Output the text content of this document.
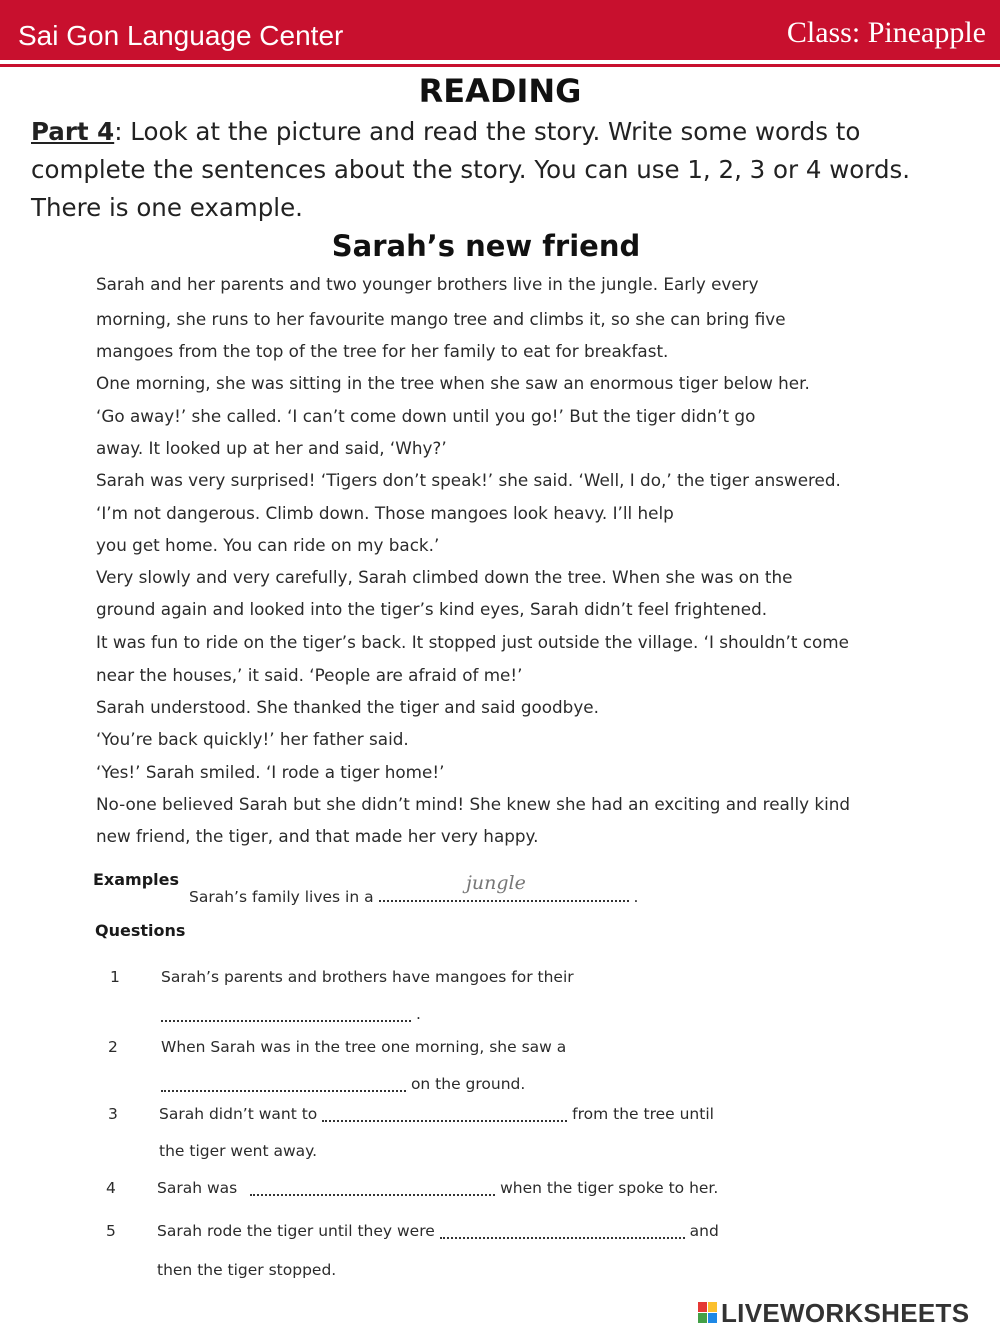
Sai Gon Language Center	Class: Pineapple
READING
Part 4: Look at the picture and read the story. Write some words to complete the sentences about the story. You can use 1, 2, 3 or 4 words. There is one example.
Sarah’s new friend
Sarah and her parents and two younger brothers live in the jungle. Early every
morning, she runs to her favourite mango tree and climbs it, so she can bring five
mangoes from the top of the tree for her family to eat for breakfast.
One morning, she was sitting in the tree when she saw an enormous tiger below her.
‘Go away!’ she called. ‘I can’t come down until you go!’ But the tiger didn’t go
away. It looked up at her and said, ‘Why?’
Sarah was very surprised! ‘Tigers don’t speak!’ she said. ‘Well, I do,’ the tiger answered.
‘I’m not dangerous. Climb down. Those mangoes look heavy. I’ll help
you get home. You can ride on my back.’
Very slowly and very carefully, Sarah climbed down the tree. When she was on the
ground again and looked into the tiger’s kind eyes, Sarah didn’t feel frightened.
It was fun to ride on the tiger’s back. It stopped just outside the village. ‘I shouldn’t come
near the houses,’ it said. ‘People are afraid of me!’
Sarah understood. She thanked the tiger and said goodbye.
‘You’re back quickly!’ her father said.
‘Yes!’ Sarah smiled. ‘I rode a tiger home!’
No-one believed Sarah but she didn’t mind! She knew she had an exciting and really kind
new friend, the tiger, and that made her very happy.
Examples
Sarah’s family lives in a	.
jungle
Questions
1	Sarah’s parents and brothers have mangoes for their
.
2	When Sarah was in the tree one morning, she saw a
on the ground.
3	Sarah didn’t want to	from the tree until
the tiger went away.
4	Sarah was	when the tiger spoke to her.
5	Sarah rode the tiger until they were	and
then the tiger stopped.
LIVEWORKSHEETS
